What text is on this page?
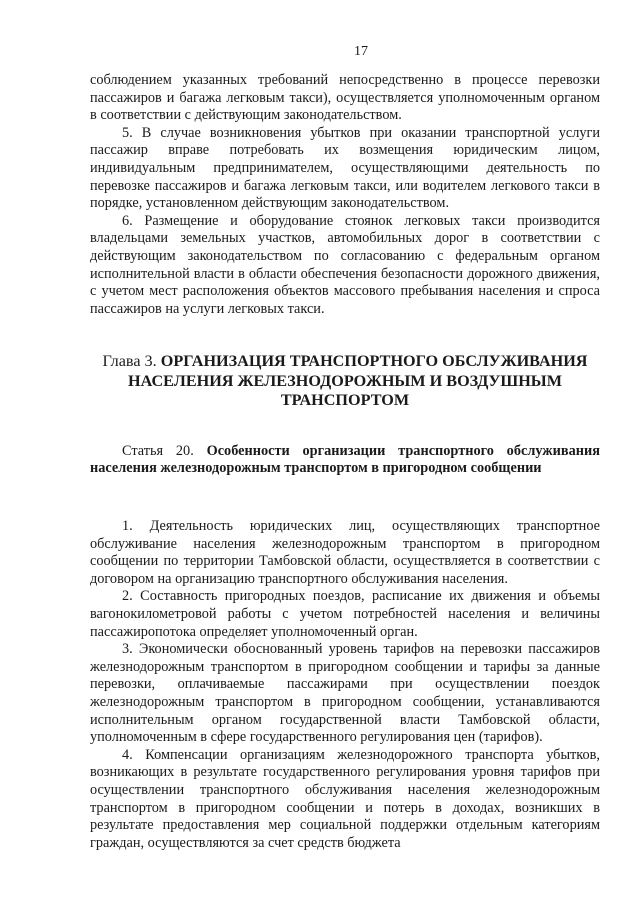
17

соблюдением указанных требований непосредственно в процессе перевозки пассажиров и багажа легковым такси), осуществляется уполномоченным органом в соответствии с действующим законодательством.

5. В случае возникновения убытков при оказании транспортной услуги пассажир вправе потребовать их возмещения юридическим лицом, индивидуальным предпринимателем, осуществляющими деятельность по перевозке пассажиров и багажа легковым такси, или водителем легкового такси в порядке, установленном действующим законодательством.

6. Размещение и оборудование стоянок легковых такси производится владельцами земельных участков, автомобильных дорог в соответствии с действующим законодательством по согласованию с федеральным органом исполнительной власти в области обеспечения безопасности дорожного движения, с учетом мест расположения объектов массового пребывания населения и спроса пассажиров на услуги легковых такси.

Глава 3. ОРГАНИЗАЦИЯ ТРАНСПОРТНОГО ОБСЛУЖИВАНИЯ НАСЕЛЕНИЯ ЖЕЛЕЗНОДОРОЖНЫМ И ВОЗДУШНЫМ ТРАНСПОРТОМ
Статья 20. Особенности организации транспортного обслуживания населения железнодорожным транспортом в пригородном сообщении

1. Деятельность юридических лиц, осуществляющих транспортное обслуживание населения железнодорожным транспортом в пригородном сообщении по территории Тамбовской области, осуществляется в соответствии с договором на организацию транспортного обслуживания населения.

2. Составность пригородных поездов, расписание их движения и объемы вагонокилометровой работы с учетом потребностей населения и величины пассажиропотока определяет уполномоченный орган.

3. Экономически обоснованный уровень тарифов на перевозки пассажиров железнодорожным транспортом в пригородном сообщении и тарифы за данные перевозки, оплачиваемые пассажирами при осуществлении поездок железнодорожным транспортом в пригородном сообщении, устанавливаются исполнительным органом государственной власти Тамбовской области, уполномоченным в сфере государственного регулирования цен (тарифов).

4. Компенсации организациям железнодорожного транспорта убытков, возникающих в результате государственного регулирования уровня тарифов при осуществлении транспортного обслуживания населения железнодорожным транспортом в пригородном сообщении и потерь в доходах, возникших в результате предоставления мер социальной поддержки отдельным категориям граждан, осуществляются за счет средств бюджета
